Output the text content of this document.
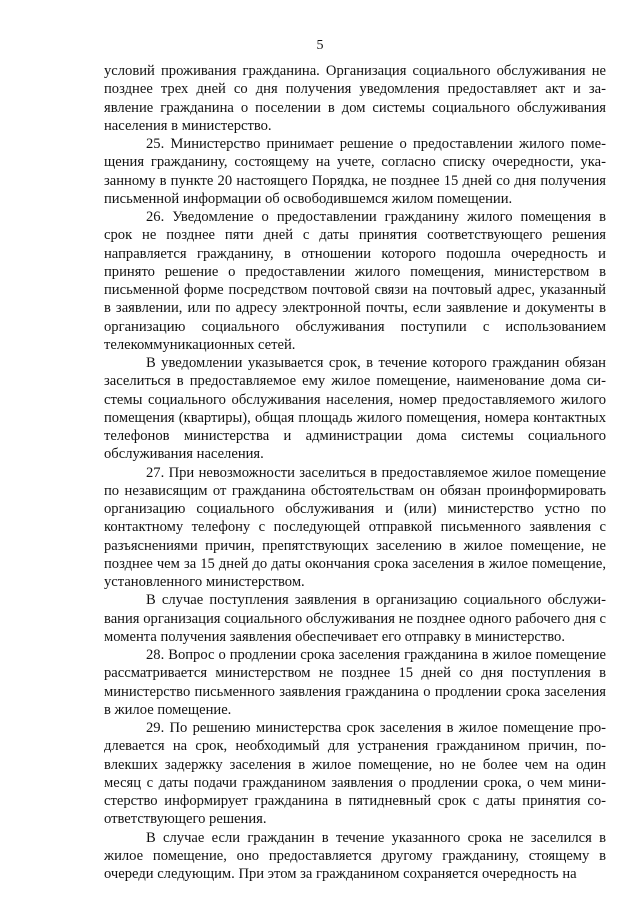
5

условий проживания гражданина. Организация социального обслуживания не позднее трех дней со дня получения уведомления предоставляет акт и заявление гражданина о поселении в дом системы социального обслуживания населения в министерство.

25. Министерство принимает решение о предоставлении жилого помещения гражданину, состоящему на учете, согласно списку очередности, указанному в пункте 20 настоящего Порядка, не позднее 15 дней со дня получения письменной информации об освободившемся жилом помещении.

26. Уведомление о предоставлении гражданину жилого помещения в срок не позднее пяти дней с даты принятия соответствующего решения направляется гражданину, в отношении которого подошла очередность и принято решение о предоставлении жилого помещения, министерством в письменной форме посредством почтовой связи на почтовый адрес, указанный в заявлении, или по адресу электронной почты, если заявление и документы в организацию социального обслуживания поступили с использованием телекоммуникационных сетей.

В уведомлении указывается срок, в течение которого гражданин обязан заселиться в предоставляемое ему жилое помещение, наименование дома системы социального обслуживания населения, номер предоставляемого жилого помещения (квартиры), общая площадь жилого помещения, номера контактных телефонов министерства и администрации дома системы социального обслуживания населения.

27. При невозможности заселиться в предоставляемое жилое помещение по независящим от гражданина обстоятельствам он обязан проинформировать организацию социального обслуживания и (или) министерство устно по контактному телефону с последующей отправкой письменного заявления с разъяснениями причин, препятствующих заселению в жилое помещение, не позднее чем за 15 дней до даты окончания срока заселения в жилое помещение, установленного министерством.

В случае поступления заявления в организацию социального обслуживания организация социального обслуживания не позднее одного рабочего дня с момента получения заявления обеспечивает его отправку в министерство.

28. Вопрос о продлении срока заселения гражданина в жилое помещение рассматривается министерством не позднее 15 дней со дня поступления в министерство письменного заявления гражданина о продлении срока заселения в жилое помещение.

29. По решению министерства срок заселения в жилое помещение продлевается на срок, необходимый для устранения гражданином причин, повлекших задержку заселения в жилое помещение, но не более чем на один месяц с даты подачи гражданином заявления о продлении срока, о чем министерство информирует гражданина в пятидневный срок с даты принятия соответствующего решения.

В случае если гражданин в течение указанного срока не заселился в жилое помещение, оно предоставляется другому гражданину, стоящему в очереди следующим. При этом за гражданином сохраняется очередность на
